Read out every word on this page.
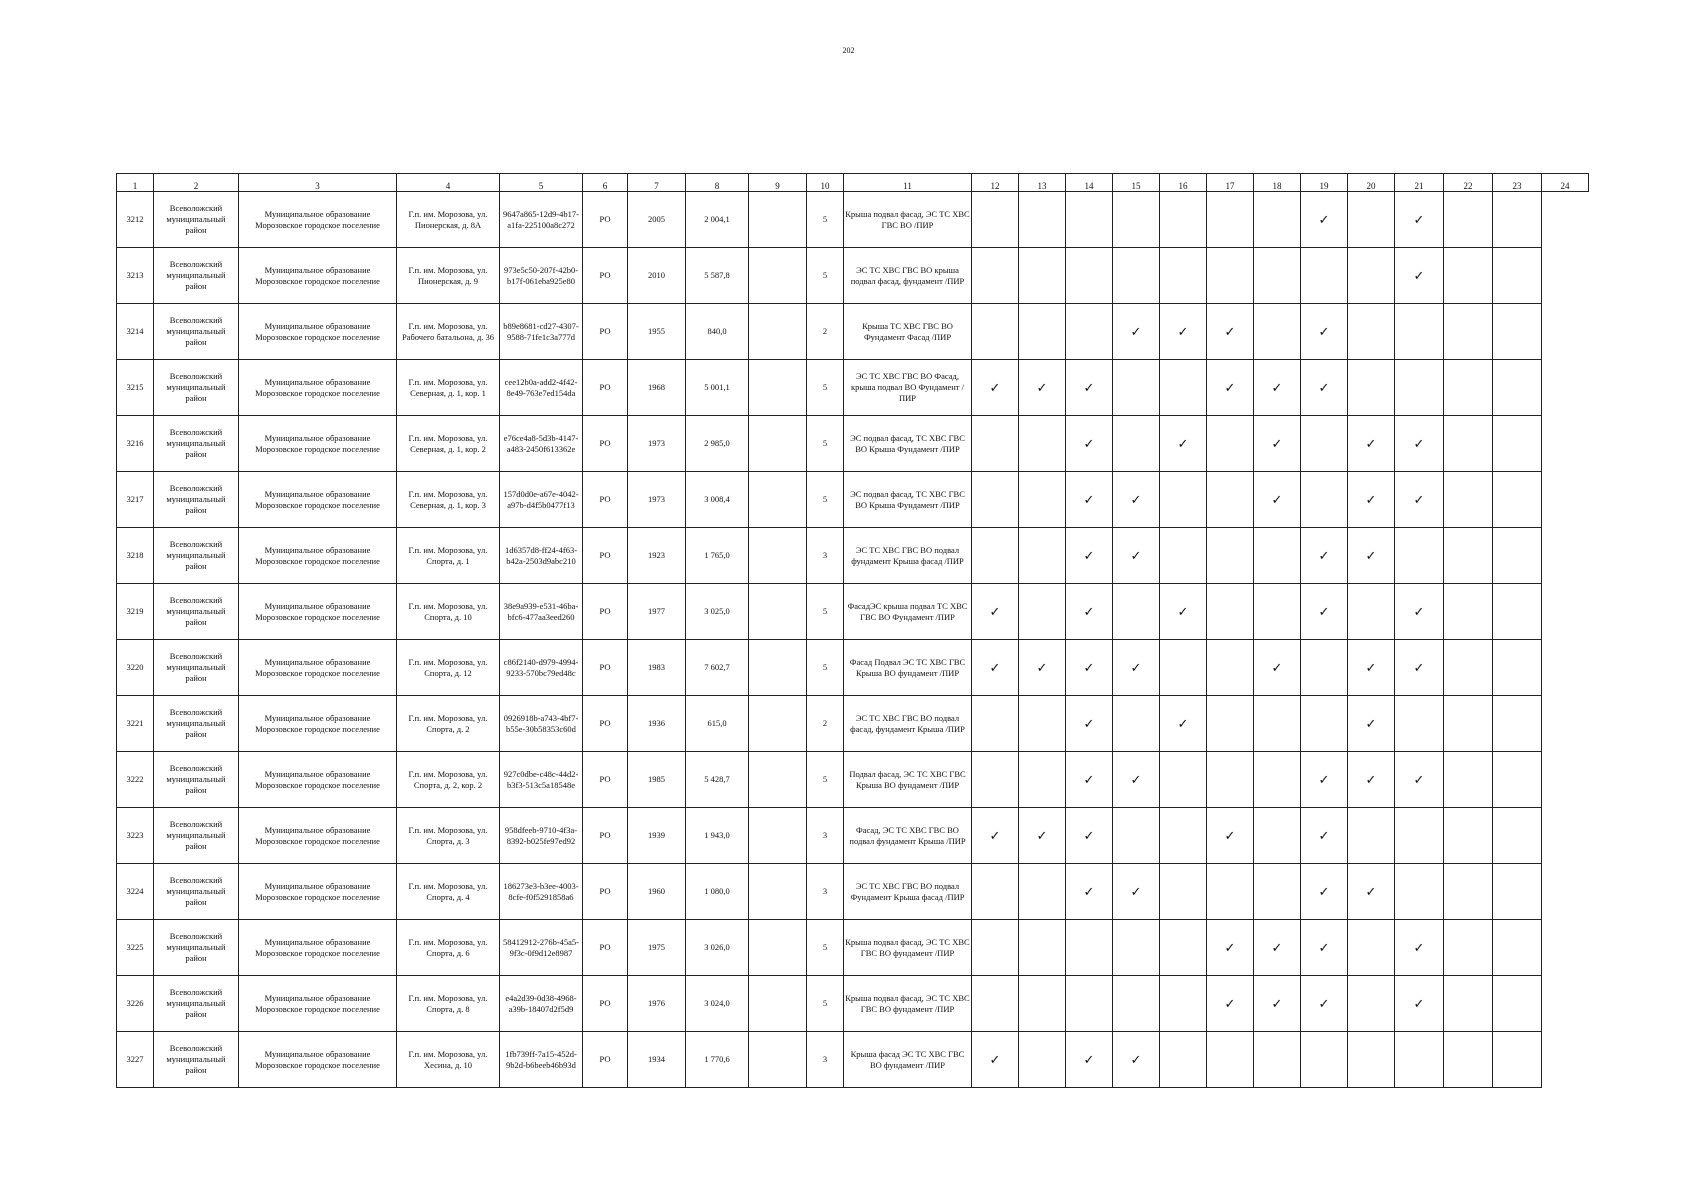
202
1	2	3	4	5	6	7	8	9	10	11	12	13	14	15	16	17	18	19	20	21	22	23	24
3212	Всеволожский муниципальный район	Муниципальное образование Морозовское городское поселение	Г.п. им. Морозова, ул. Пионерская, д. 8А	9647a865-12d9-4b17-a1fa-225100a8c272	РО	2005	2 004,1		5	Крыша подвал фасад, ЭС ТС ХВС ГВС ВО /ПИР								✓		✓			
3213	Всеволожский муниципальный район	Муниципальное образование Морозовское городское поселение	Г.п. им. Морозова, ул. Пионерская, д. 9	973e5c50-207f-42b0-b17f-061eba925e80	РО	2010	5 587,8		5	ЭС ТС ХВС ГВС ВО крыша подвал фасад, фундамент /ПИР										✓			
3214	Всеволожский муниципальный район	Муниципальное образование Морозовское городское поселение	Г.п. им. Морозова, ул. Рабочего батальона, д. 36	b89e8681-cd27-4307-9588-71fe1c3a777d	РО	1955	840,0		2	Крыша ТС ХВС ГВС ВО Фундамент Фасад /ПИР				✓	✓	✓		✓					
3215	Всеволожский муниципальный район	Муниципальное образование Морозовское городское поселение	Г.п. им. Морозова, ул. Северная, д. 1, кор. 1	cee12b0a-add2-4f42-8e49-763e7ed154da	РО	1968	5 001,1		5	ЭС ТС ХВС ГВС ВО Фасад, крыша подвал ВО Фундамент /ПИР	✓	✓	✓			✓	✓	✓					
3216	Всеволожский муниципальный район	Муниципальное образование Морозовское городское поселение	Г.п. им. Морозова, ул. Северная, д. 1, кор. 2	e76ce4a8-5d3b-4147-a483-2450f613362e	РО	1973	2 985,0		5	ЭС подвал фасад, ТС ХВС ГВС ВО Крыша Фундамент /ПИР			✓		✓		✓		✓	✓			
3217	Всеволожский муниципальный район	Муниципальное образование Морозовское городское поселение	Г.п. им. Морозова, ул. Северная, д. 1, кор. 3	157d0d0e-a67e-4042-a97b-d4f5b0477f13	РО	1973	3 008,4		5	ЭС подвал фасад, ТС ХВС ГВС ВО Крыша Фундамент /ПИР			✓	✓			✓		✓	✓			
3218	Всеволожский муниципальный район	Муниципальное образование Морозовское городское поселение	Г.п. им. Морозова, ул. Спорта, д. 1	1d6357d8-ff24-4f63-b42a-2503d9abc210	РО	1923	1 765,0		3	ЭС ТС ХВС ГВС ВО подвал фундамент Крыша фасад /ПИР			✓	✓				✓	✓				
3219	Всеволожский муниципальный район	Муниципальное образование Морозовское городское поселение	Г.п. им. Морозова, ул. Спорта, д. 10	38e9a939-e531-46ba-bfc6-477aa3eed260	РО	1977	3 025,0		5	ФасадЭС крыша подвал ТС ХВС ГВС ВО Фундамент /ПИР	✓		✓		✓			✓		✓			
3220	Всеволожский муниципальный район	Муниципальное образование Морозовское городское поселение	Г.п. им. Морозова, ул. Спорта, д. 12	c86f2140-d979-4994-9233-570bc79ed48c	РО	1983	7 602,7		5	Фасад Подвал ЭС ТС ХВС ГВС Крыша ВО фундамент /ПИР	✓	✓	✓	✓			✓		✓	✓			
3221	Всеволожский муниципальный район	Муниципальное образование Морозовское городское поселение	Г.п. им. Морозова, ул. Спорта, д. 2	0926918b-a743-4bf7-b55e-30b58353c60d	РО	1936	615,0		2	ЭС ТС ХВС ГВС ВО подвал фасад, фундамент Крыша /ПИР			✓		✓				✓				
3222	Всеволожский муниципальный район	Муниципальное образование Морозовское городское поселение	Г.п. им. Морозова, ул. Спорта, д. 2, кор. 2	927c0dbe-c48c-44d2-b3f3-513c5a18548e	РО	1985	5 428,7		5	Подвал фасад, ЭС ТС ХВС ГВС Крыша ВО фундамент /ПИР			✓	✓				✓	✓	✓			
3223	Всеволожский муниципальный район	Муниципальное образование Морозовское городское поселение	Г.п. им. Морозова, ул. Спорта, д. 3	958dfeeb-9710-4f3a-8392-b025fe97ed92	РО	1939	1 943,0		3	Фасад, ЭС ТС ХВС ГВС ВО подвал фундамент Крыша /ПИР	✓	✓	✓			✓		✓					
3224	Всеволожский муниципальный район	Муниципальное образование Морозовское городское поселение	Г.п. им. Морозова, ул. Спорта, д. 4	186273e3-b3ee-4003-8cfe-f0f5291858a6	РО	1960	1 080,0		3	ЭС ТС ХВС ГВС ВО подвал Фундамент Крыша фасад /ПИР			✓	✓				✓	✓				
3225	Всеволожский муниципальный район	Муниципальное образование Морозовское городское поселение	Г.п. им. Морозова, ул. Спорта, д. 6	58412912-276b-45a5-9f3c-0f9d12e8987	РО	1975	3 026,0		5	Крыша подвал фасад, ЭС ТС ХВС ГВС ВО фундамент /ПИР						✓	✓	✓		✓			
3226	Всеволожский муниципальный район	Муниципальное образование Морозовское городское поселение	Г.п. им. Морозова, ул. Спорта, д. 8	e4a2d39-0d38-4968-a39b-18407d2f5d9	РО	1976	3 024,0		5	Крыша подвал фасад, ЭС ТС ХВС ГВС ВО фундамент /ПИР						✓	✓	✓		✓			
3227	Всеволожский муниципальный район	Муниципальное образование Морозовское городское поселение	Г.п. им. Морозова, ул. Хесина, д. 10	1fb739ff-7a15-452d-9b2d-b6beeb46b93d	РО	1934	1 770,6		3	Крыша фасад ЭС ТС ХВС ГВС ВО фундамент /ПИР	✓		✓	✓									
